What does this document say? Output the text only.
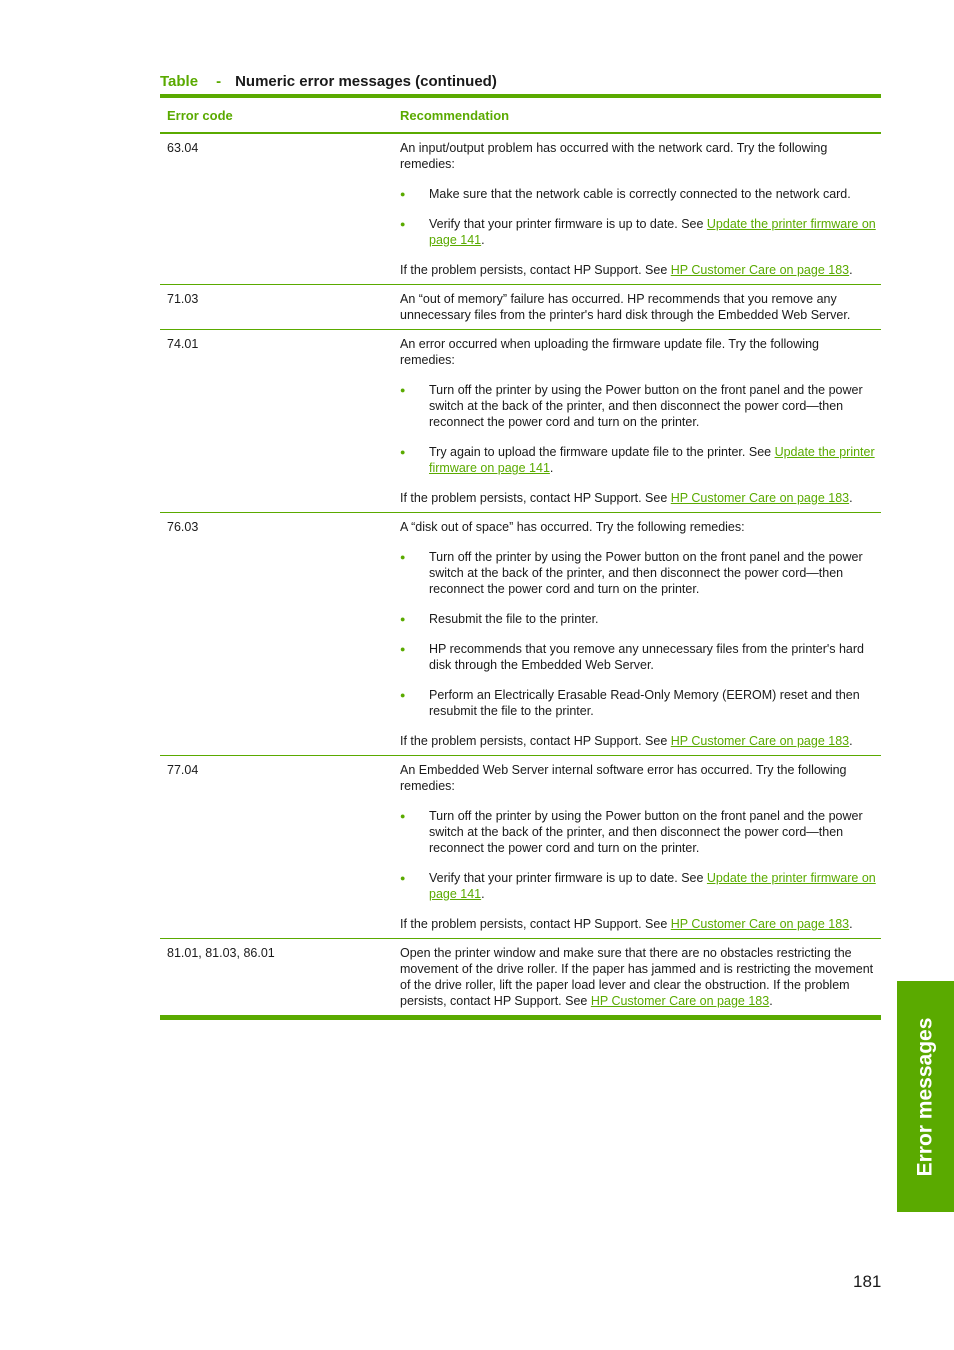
Table - Numeric error messages (continued)
Error code	Recommendation
63.04	An input/output problem has occurred with the network card. Try the following remedies:
● Make sure that the network cable is correctly connected to the network card.
● Verify that your printer firmware is up to date. See Update the printer firmware on page 141.
If the problem persists, contact HP Support. See HP Customer Care on page 183.
71.03	An “out of memory” failure has occurred. HP recommends that you remove any unnecessary files from the printer's hard disk through the Embedded Web Server.
74.01	An error occurred when uploading the firmware update file. Try the following remedies:
● Turn off the printer by using the Power button on the front panel and the power switch at the back of the printer, and then disconnect the power cord—then reconnect the power cord and turn on the printer.
● Try again to upload the firmware update file to the printer. See Update the printer firmware on page 141.
If the problem persists, contact HP Support. See HP Customer Care on page 183.
76.03	A “disk out of space” has occurred. Try the following remedies:
● Turn off the printer by using the Power button on the front panel and the power switch at the back of the printer, and then disconnect the power cord—then reconnect the power cord and turn on the printer.
● Resubmit the file to the printer.
● HP recommends that you remove any unnecessary files from the printer's hard disk through the Embedded Web Server.
● Perform an Electrically Erasable Read-Only Memory (EEROM) reset and then resubmit the file to the printer.
If the problem persists, contact HP Support. See HP Customer Care on page 183.
77.04	An Embedded Web Server internal software error has occurred. Try the following remedies:
● Turn off the printer by using the Power button on the front panel and the power switch at the back of the printer, and then disconnect the power cord—then reconnect the power cord and turn on the printer.
● Verify that your printer firmware is up to date. See Update the printer firmware on page 141.
If the problem persists, contact HP Support. See HP Customer Care on page 183.
81.01, 81.03, 86.01	Open the printer window and make sure that there are no obstacles restricting the movement of the drive roller. If the paper has jammed and is restricting the movement of the drive roller, lift the paper load lever and clear the obstruction. If the problem persists, contact HP Support. See HP Customer Care on page 183.
Error messages
181
